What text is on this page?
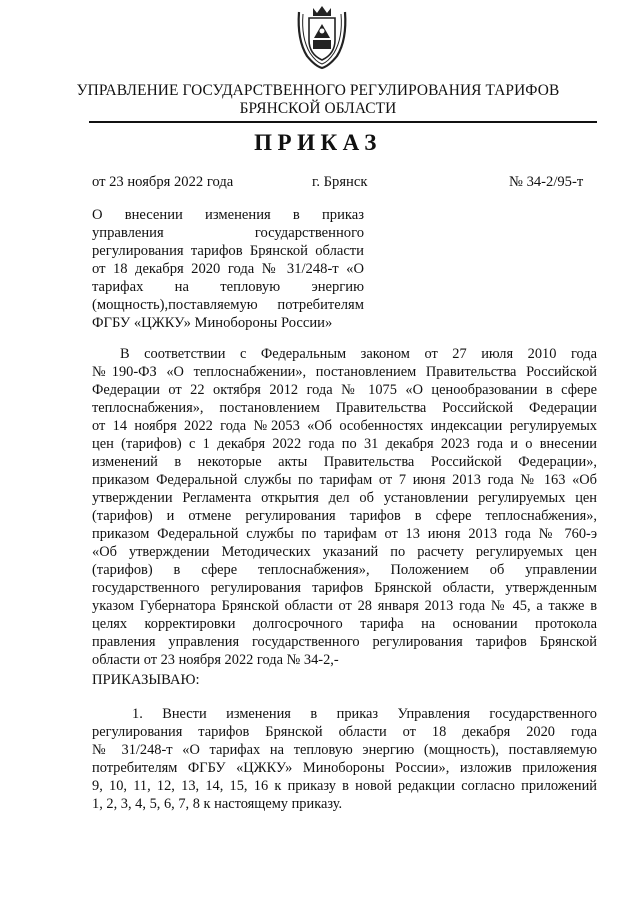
УПРАВЛЕНИЕ ГОСУДАРСТВЕННОГО РЕГУЛИРОВАНИЯ ТАРИФОВ
БРЯНСКОЙ ОБЛАСТИ
ПРИКАЗ
от 23 ноября 2022 года	г. Брянск	№ 34-2/95-т
О внесении изменения в приказ
управления государственного
регулирования тарифов Брянской области
от 18 декабря 2020 года № 31/248-т «О
тарифах на тепловую энергию
(мощность),поставляемую потребителям
ФГБУ «ЦЖКУ» Минобороны России»
В соответствии с Федеральным законом от 27 июля 2010 года
№190-ФЗ «О теплоснабжении», постановлением Правительства Российской
Федерации от 22 октября 2012 года № 1075 «О ценообразовании в сфере
теплоснабжения», постановлением Правительства Российской Федерации
от 14 ноября 2022 года №2053 «Об особенностях индексации регулируемых
цен (тарифов) с 1 декабря 2022 года по 31 декабря 2023 года и о внесении
изменений в некоторые акты Правительства Российской Федерации»,
приказом Федеральной службы по тарифам от 7 июня 2013 года № 163 «Об
утверждении Регламента открытия дел об установлении регулируемых цен
(тарифов) и отмене регулирования тарифов в сфере теплоснабжения»,
приказом Федеральной службы по тарифам от 13 июня 2013 года № 760-э
«Об утверждении Методических указаний по расчету регулируемых цен
(тарифов) в сфере теплоснабжения», Положением об управлении
государственного регулирования тарифов Брянской области, утвержденным
указом Губернатора Брянской области от 28 января 2013 года № 45, а также в
целях корректировки долгосрочного тарифа на основании протокола
правления управления государственного регулирования тарифов Брянской
области от 23 ноября 2022 года № 34-2,-
ПРИКАЗЫВАЮ:
1. Внести изменения в приказ Управления государственного
регулирования тарифов Брянской области от 18 декабря 2020 года
№ 31/248-т «О тарифах на тепловую энергию (мощность), поставляемую
потребителям ФГБУ «ЦЖКУ» Минобороны России», изложив приложения
9, 10, 11, 12, 13, 14, 15, 16 к приказу в новой редакции согласно приложений
1, 2, 3, 4, 5, 6, 7, 8 к настоящему приказу.
